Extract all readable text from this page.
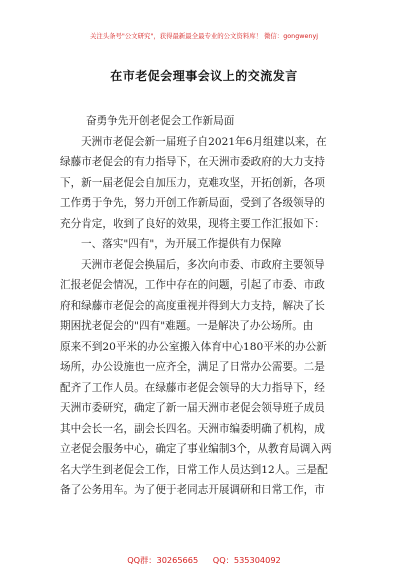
关注头条号"公文研究"，获得最新最全最专业的公文资料库！ 微信：gongwenyj
在市老促会理事会议上的交流发言
奋勇争先开创老促会工作新局面
天洲市老促会新一届班子自2021年6月组建以来，在
绿藤市老促会的有力指导下，在天洲市委政府的大力支持
下，新一届老促会自加压力，克难攻坚，开拓创新，各项
工作勇于争先，努力开创工作新局面，受到了各级领导的
充分肯定，收到了良好的效果，现将主要工作汇报如下：
一、落实"四有"，为开展工作提供有力保障
天洲市老促会换届后，多次向市委、市政府主要领导
汇报老促会情况，工作中存在的问题，引起了市委、市政
府和绿藤市老促会的高度重视并得到大力支持，解决了长
期困扰老促会的"四有"难题。一是解决了办公场所。由
原来不到20平米的办公室搬入体育中心180平米的办公新
场所，办公设施也一应齐全，满足了日常办公需要。二是
配齐了工作人员。在绿藤市老促会领导的大力指导下，经
天洲市委研究，确定了新一届天洲市老促会领导班子成员
其中会长一名，副会长四名。天洲市编委明确了机构，成
立老促会服务中心，确定了事业编制3个，从教育局调入两
名大学生到老促会工作，日常工作人员达到12人。三是配
备了公务用车。为了便于老同志开展调研和日常工作，市
QQ群：30265665 QQ：535304092
